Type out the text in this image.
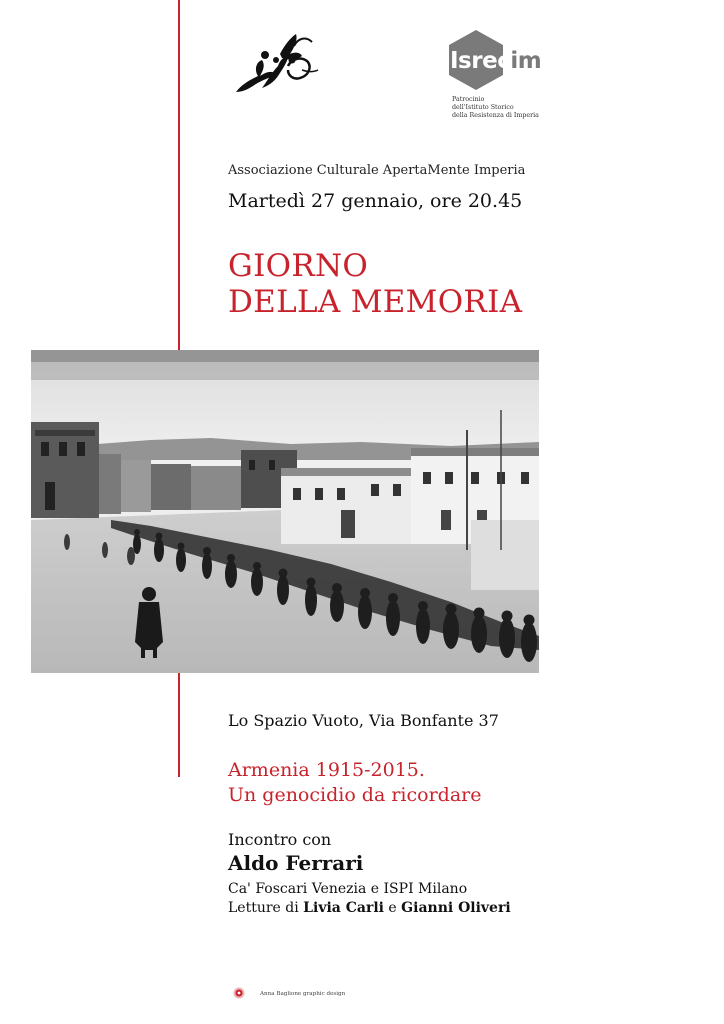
Isrecim
Patrocinio
dell'Istituto Storico
della Resistenza di Imperia
Associazione Culturale ApertaMente Imperia
Martedì 27 gennaio, ore 20.45
GIORNO
DELLA MEMORIA
Lo Spazio Vuoto, Via Bonfante 37
Armenia 1915-2015.
Un genocidio da ricordare
Incontro con
Aldo Ferrari
Ca' Foscari Venezia e ISPI Milano
Letture di Livia Carli e Gianni Oliveri
Anna Baglione graphic design
